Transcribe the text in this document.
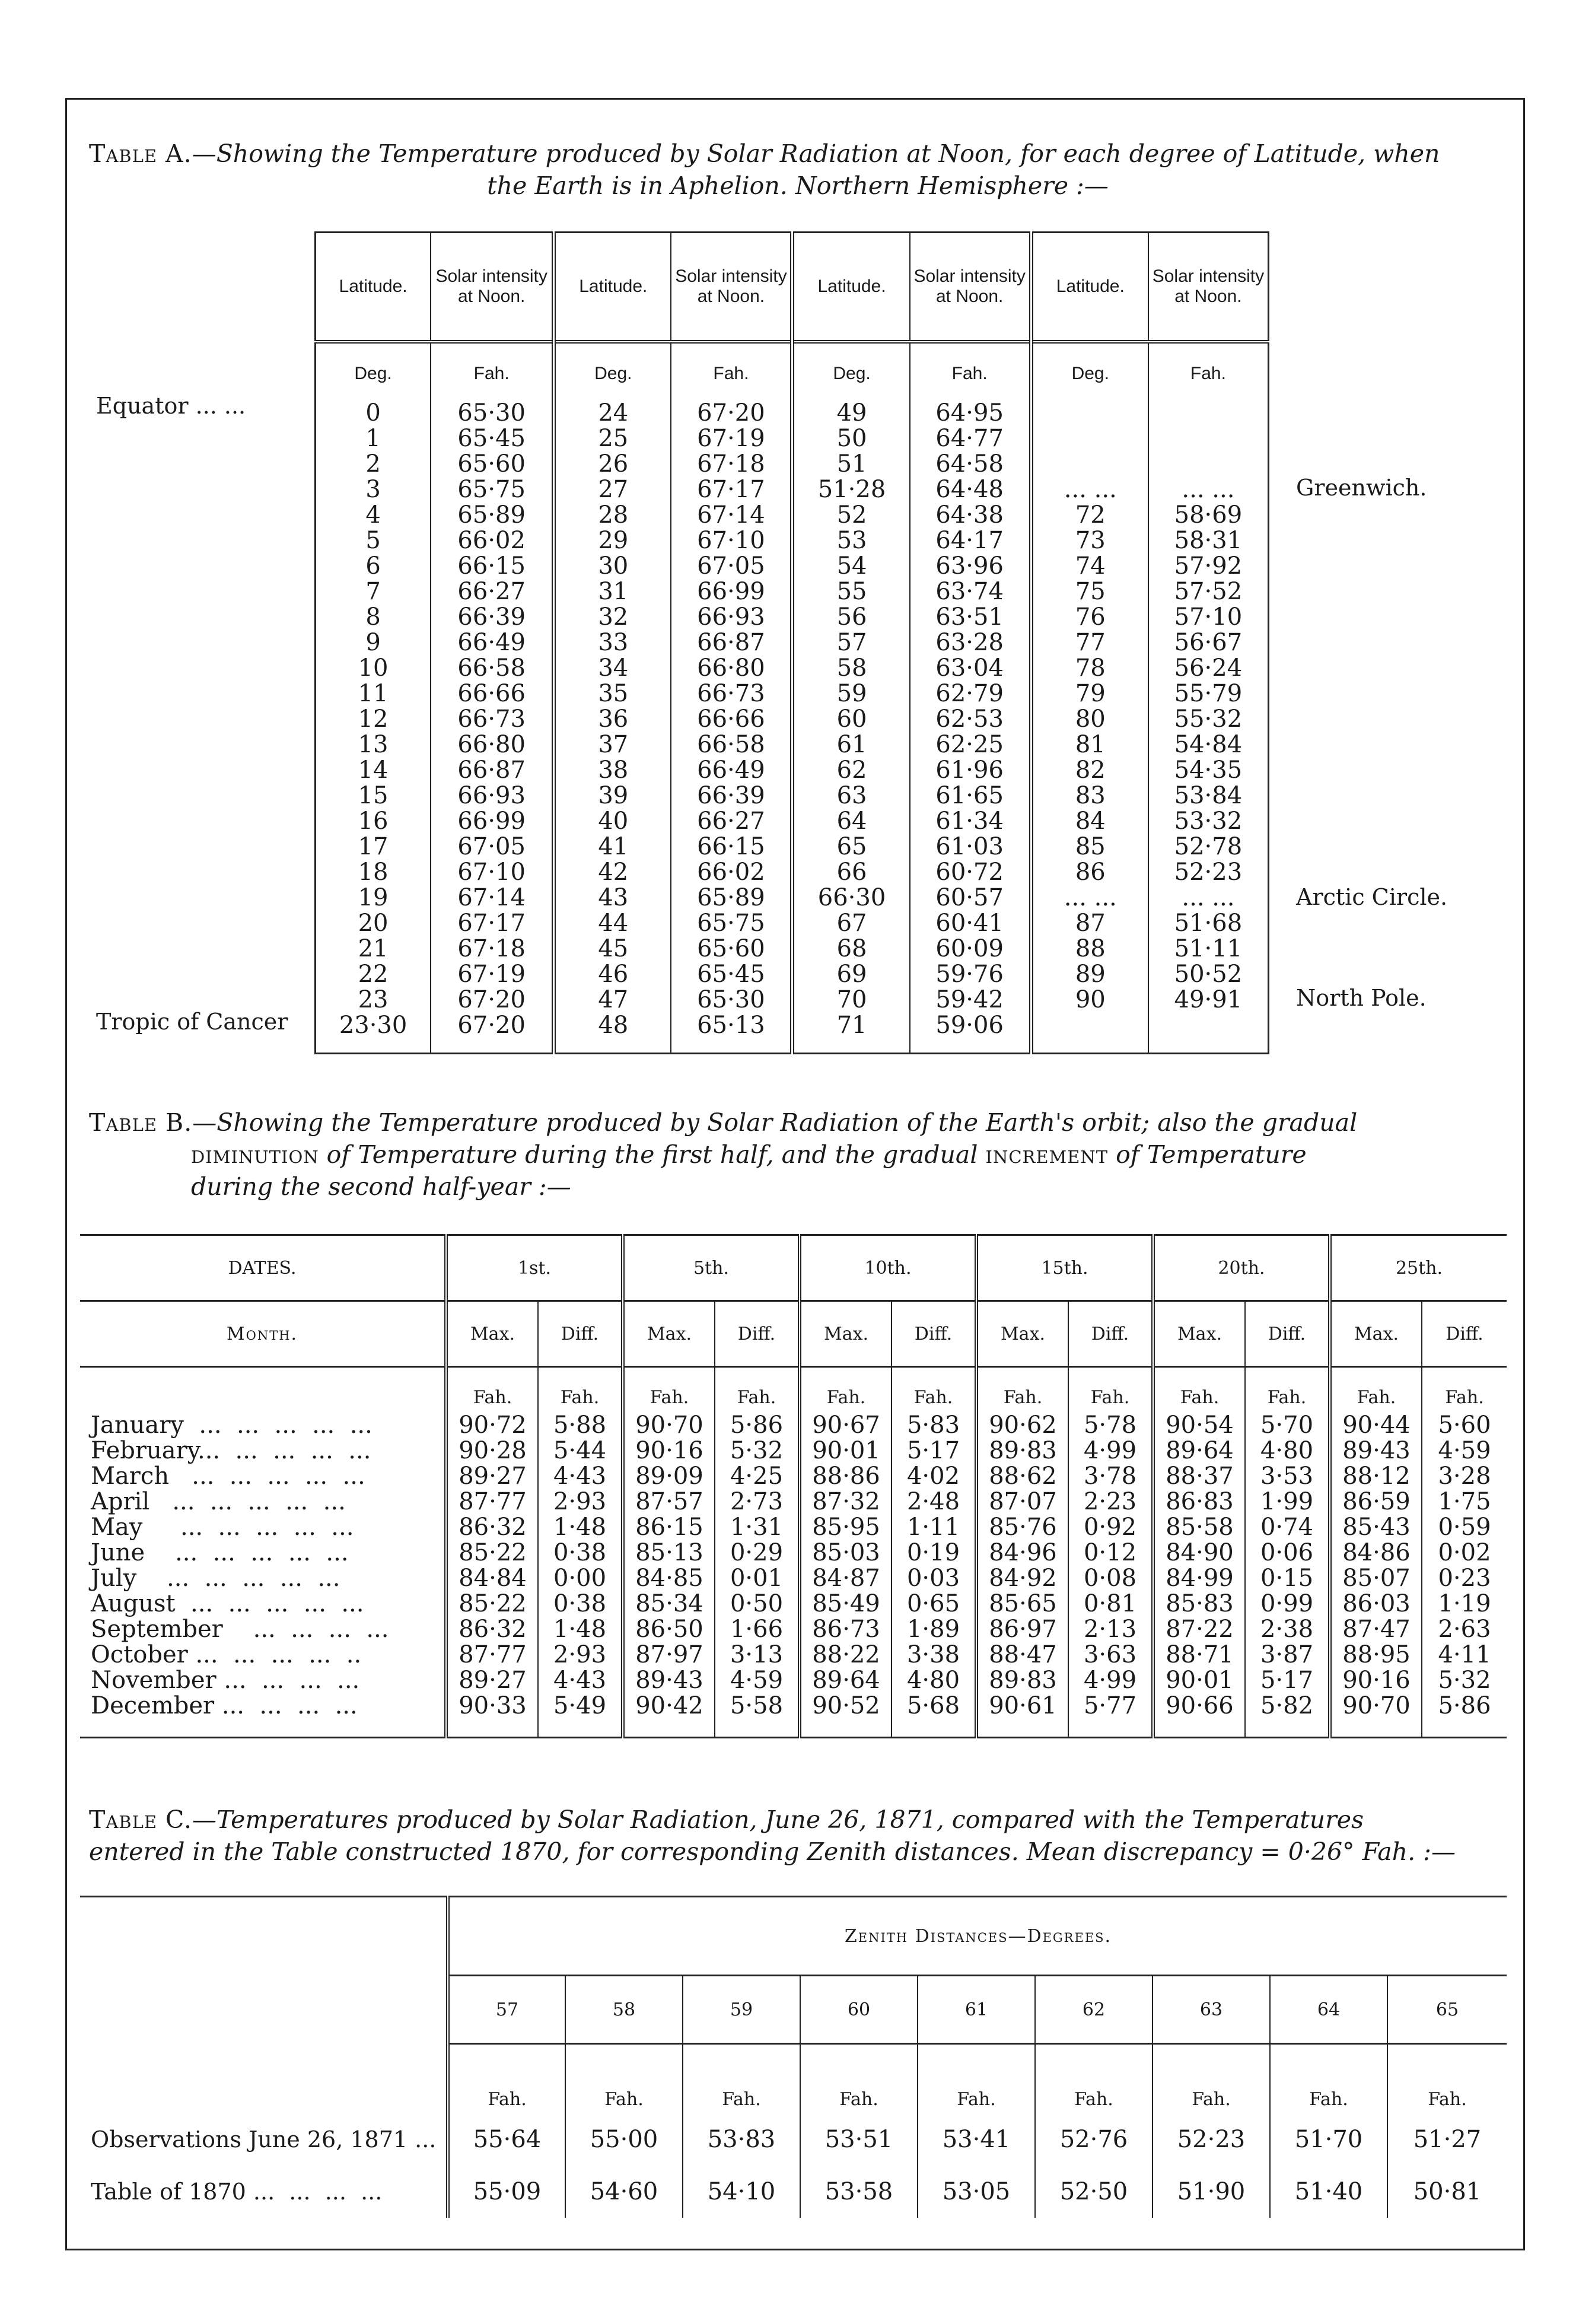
Table A.—Showing the Temperature produced by Solar Radiation at Noon, for each degree of Latitude, when
the Earth is in Aphelion. Northern Hemisphere :—
Latitude.	Solar intensity at Noon.	Latitude.	Solar intensity at Noon.	Latitude.	Solar intensity at Noon.	Latitude.	Solar intensity at Noon.
Deg.	Fah.	Deg.	Fah.	Deg.	Fah.	Deg.	Fah.

0	65·30	24	67·20	49	64·95		
1	65·45	25	67·19	50	64·77		
2	65·60	26	67·18	51	64·58		
3	65·75	27	67·17	51·28	64·48	... ...	... ...
4	65·89	28	67·14	52	64·38	72	58·69
5	66·02	29	67·10	53	64·17	73	58·31
6	66·15	30	67·05	54	63·96	74	57·92
7	66·27	31	66·99	55	63·74	75	57·52
8	66·39	32	66·93	56	63·51	76	57·10
9	66·49	33	66·87	57	63·28	77	56·67
10	66·58	34	66·80	58	63·04	78	56·24
11	66·66	35	66·73	59	62·79	79	55·79
12	66·73	36	66·66	60	62·53	80	55·32
13	66·80	37	66·58	61	62·25	81	54·84
14	66·87	38	66·49	62	61·96	82	54·35
15	66·93	39	66·39	63	61·65	83	53·84
16	66·99	40	66·27	64	61·34	84	53·32
17	67·05	41	66·15	65	61·03	85	52·78
18	67·10	42	66·02	66	60·72	86	52·23
19	67·14	43	65·89	66·30	60·57	... ...	... ...
20	67·17	44	65·75	67	60·41	87	51·68
21	67·18	45	65·60	68	60·09	88	51·11
22	67·19	46	65·45	69	59·76	89	50·52
23	67·20	47	65·30	70	59·42	90	49·91
23·30	67·20	48	65·13	71	59·06		

Equator ... ...
Tropic of Cancer
Greenwich.
Arctic Circle.
North Pole.
Table B.—Showing the Temperature produced by Solar Radiation of the Earth's orbit; also the gradual
diminution of Temperature during the first half, and the gradual increment of Temperature
during the second half-year :—
DATES.	1st.		5th.		10th.		15th.		20th.		25th.	
Month.	Max.	Diff.	Max.	Diff.	Max.	Diff.	Max.	Diff.	Max.	Diff.	Max.	Diff.
	Fah.	Fah.	Fah.	Fah.	Fah.	Fah.	Fah.	Fah.	Fah.	Fah.	Fah.	Fah.
January  ...  ...  ...  ...  ...	90·72	5·88	90·70	5·86	90·67	5·83	90·62	5·78	90·54	5·70	90·44	5·60
February...  ...  ...  ...  ...	90·28	5·44	90·16	5·32	90·01	5·17	89·83	4·99	89·64	4·80	89·43	4·59
March   ...  ...  ...  ...  ...	89·27	4·43	89·09	4·25	88·86	4·02	88·62	3·78	88·37	3·53	88·12	3·28
April   ...  ...  ...  ...  ...	87·77	2·93	87·57	2·73	87·32	2·48	87·07	2·23	86·83	1·99	86·59	1·75
May     ...  ...  ...  ...  ...	86·32	1·48	86·15	1·31	85·95	1·11	85·76	0·92	85·58	0·74	85·43	0·59
June    ...  ...  ...  ...  ...	85·22	0·38	85·13	0·29	85·03	0·19	84·96	0·12	84·90	0·06	84·86	0·02
July    ...  ...  ...  ...  ...	84·84	0·00	84·85	0·01	84·87	0·03	84·92	0·08	84·99	0·15	85·07	0·23
August  ...  ...  ...  ...  ...	85·22	0·38	85·34	0·50	85·49	0·65	85·65	0·81	85·83	0·99	86·03	1·19
September    ...  ...  ...  ...	86·32	1·48	86·50	1·66	86·73	1·89	86·97	2·13	87·22	2·38	87·47	2·63
October ...  ...  ...  ...  ..	87·77	2·93	87·97	3·13	88·22	3·38	88·47	3·63	88·71	3·87	88·95	4·11
November ...  ...  ...  ...	89·27	4·43	89·43	4·59	89·64	4·80	89·83	4·99	90·01	5·17	90·16	5·32
December ...  ...  ...  ...	90·33	5·49	90·42	5·58	90·52	5·68	90·61	5·77	90·66	5·82	90·70	5·86

Table C.—Temperatures produced by Solar Radiation, June 26, 1871, compared with the Temperatures
entered in the Table constructed 1870, for corresponding Zenith distances. Mean discrepancy = 0·26° Fah. :—
	Zenith Distances—Degrees.								
	57	58	59	60	61	62	63	64	65
	Fah.	Fah.	Fah.	Fah.	Fah.	Fah.	Fah.	Fah.	Fah.
Observations June 26, 1871 ...	55·64	55·00	53·83	53·51	53·41	52·76	52·23	51·70	51·27
Table of 1870 ...  ...  ...  ...	55·09	54·60	54·10	53·58	53·05	52·50	51·90	51·40	50·81
